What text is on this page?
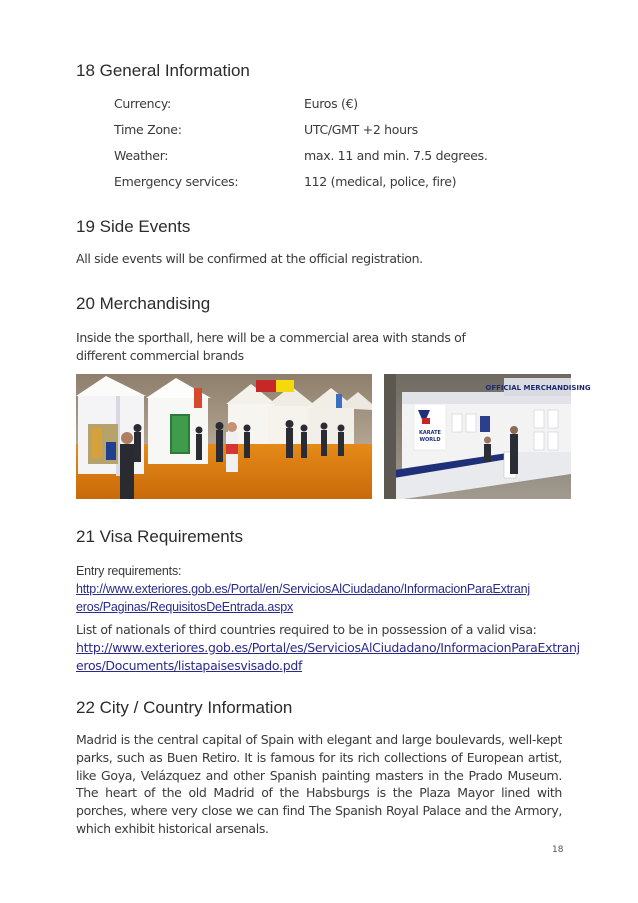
18 General Information
Currency:	Euros (€)
Time Zone:	UTC/GMT +2 hours
Weather:	max. 11 and min. 7.5 degrees.
Emergency services:	112 (medical, police, fire)
19 Side Events
All side events will be confirmed at the official registration.
20 Merchandising
Inside the sporthall, here will be a commercial area with stands of different commercial brands
OFFICIAL MERCHANDISING
KARATE
WORLD
21 Visa Requirements
Entry requirements:
http://www.exteriores.gob.es/Portal/en/ServiciosAlCiudadano/InformacionParaExtranj
eros/Paginas/RequisitosDeEntrada.aspx
List of nationals of third countries required to be in possession of a valid visa:
http://www.exteriores.gob.es/Portal/es/ServiciosAlCiudadano/InformacionParaExtranj
eros/Documents/listapaisesvisado.pdf
22 City / Country Information
Madrid is the central capital of Spain with elegant and large boulevards, well-kept parks, such as Buen Retiro. It is famous for its rich collections of European artist, like Goya, Velázquez and other Spanish painting masters in the Prado Museum. The heart of the old Madrid of the Habsburgs is the Plaza Mayor lined with porches, where very close we can find The Spanish Royal Palace and the Armory, which exhibit historical arsenals.
18
